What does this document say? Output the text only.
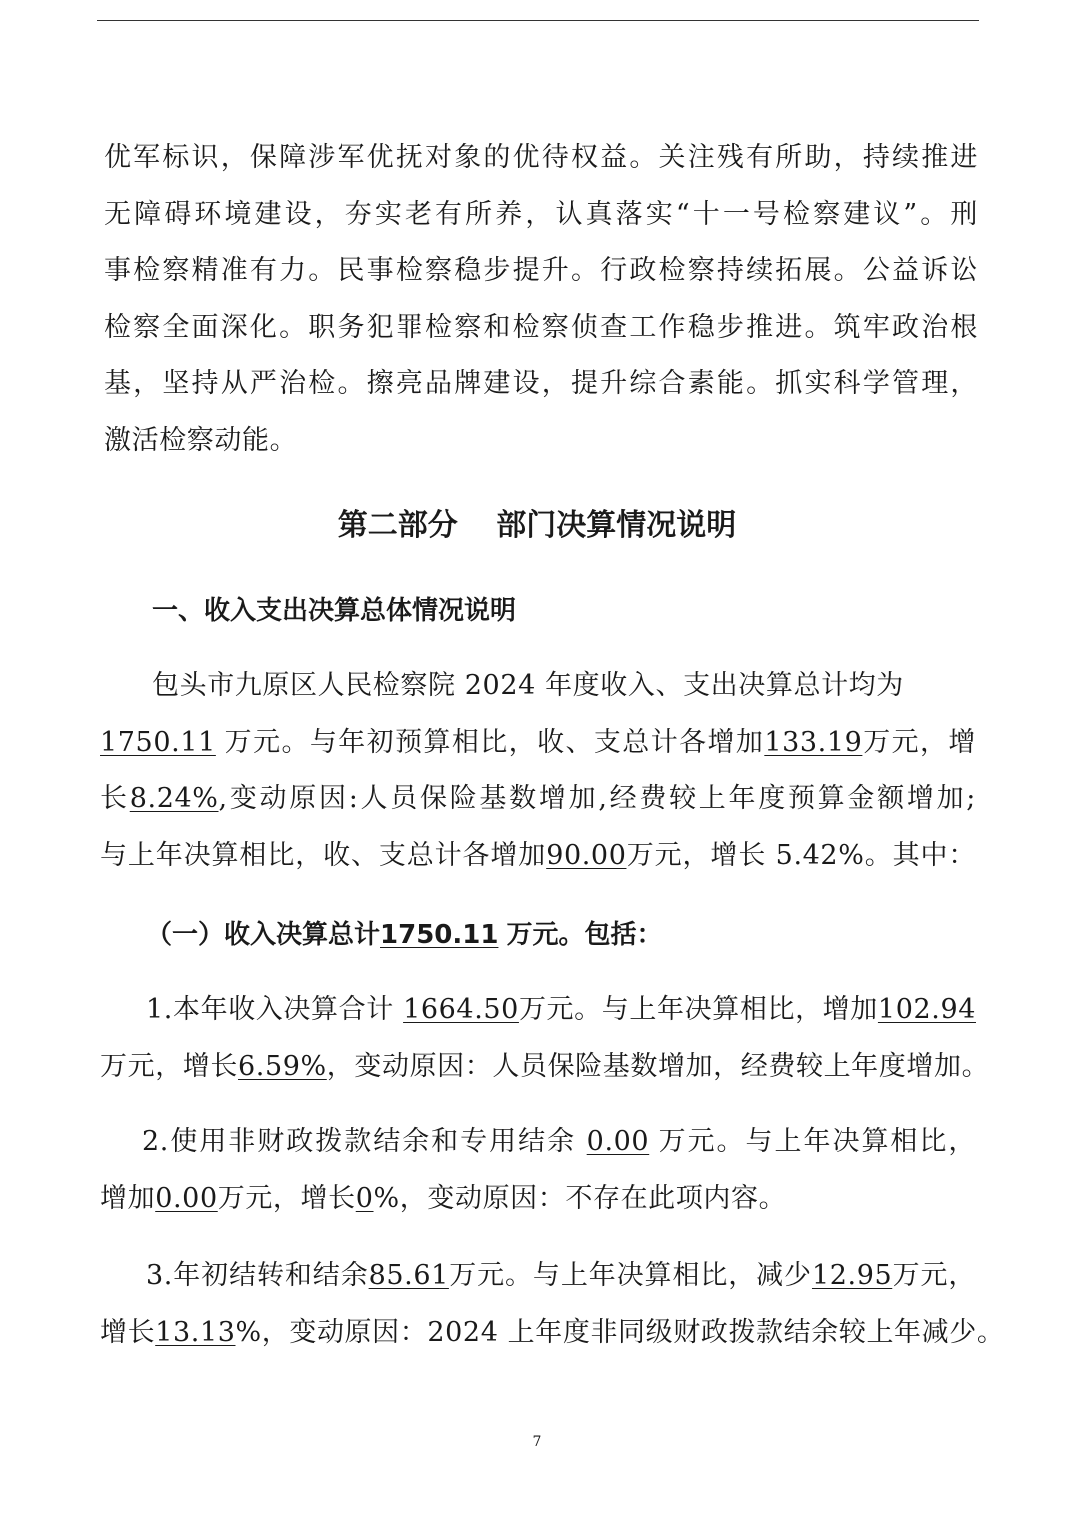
优军标识，保障涉军优抚对象的优待权益。关注残有所助，持续推进
无障碍环境建设，夯实老有所养，认真落实“十一号检察建议”。刑
事检察精准有力。民事检察稳步提升。行政检察持续拓展。公益诉讼
检察全面深化。职务犯罪检察和检察侦查工作稳步推进。筑牢政治根
基，坚持从严治检。擦亮品牌建设，提升综合素能。抓实科学管理，
激活检察动能。
第二部分 部门决算情况说明
一、收入支出决算总体情况说明
包头市九原区人民检察院 2024 年度收入、支出决算总计均为
1750.11 万元。与年初预算相比，收、支总计各增加133.19万元，增
长8.24%,变动原因:人员保险基数增加,经费较上年度预算金额增加;
与上年决算相比，收、支总计各增加90.00万元，增长 5.42%。其中：
（一）收入决算总计1750.11 万元。包括：
1.本年收入决算合计 1664.50万元。与上年决算相比，增加102.94
万元，增长6.59%，变动原因：人员保险基数增加，经费较上年度增加。
2.使用非财政拨款结余和专用结余 0.00 万元。与上年决算相比，
增加0.00万元，增长0%，变动原因：不存在此项内容。
3.年初结转和结余85.61万元。与上年决算相比，减少12.95万元，
增长13.13%，变动原因：2024 上年度非同级财政拨款结余较上年减少。
7
